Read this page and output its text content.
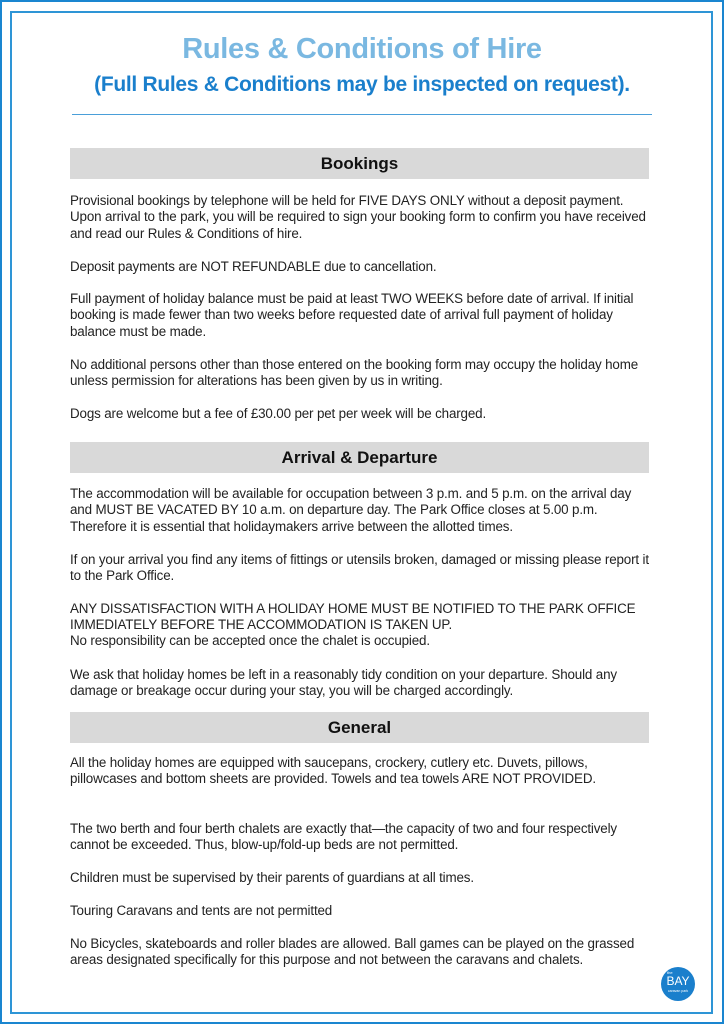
Rules & Conditions of Hire
(Full Rules & Conditions may be inspected on request).
Bookings
Provisional bookings by telephone will be held for FIVE DAYS ONLY without a deposit payment. Upon arrival to the park, you will be required to sign your booking form to confirm you have received and read our Rules & Conditions of hire.
Deposit payments are NOT REFUNDABLE due to cancellation.
Full payment of holiday balance must be paid at least TWO WEEKS before date of arrival. If initial booking is made fewer than two weeks before requested date of arrival full payment of holiday balance must be made.
No additional persons other than those entered on the booking form may occupy the holiday home unless permission for alterations has been given by us in writing.
Dogs are welcome but a fee of £30.00 per pet per week will be charged.
Arrival & Departure
The accommodation will be available for occupation between 3 p.m. and 5 p.m. on the arrival day and MUST BE VACATED BY 10 a.m. on departure day. The Park Office closes at 5.00 p.m. Therefore it is essential that holidaymakers arrive between the allotted times.
If on your arrival you find any items of fittings or utensils broken, damaged or missing please report it to the Park Office.
ANY DISSATISFACTION WITH A HOLIDAY HOME MUST BE NOTIFIED TO THE PARK OFFICE IMMEDIATELY BEFORE THE ACCOMMODATION IS TAKEN UP.
No responsibility can be accepted once the chalet is occupied.
We ask that holiday homes be left in a reasonably tidy condition on your departure. Should any damage or breakage occur during your stay, you will be charged accordingly.
General
All the holiday homes are equipped with saucepans, crockery, cutlery etc. Duvets, pillows, pillowcases and bottom sheets are provided. Towels and tea towels ARE NOT PROVIDED.
The two berth and four berth chalets are exactly that—the capacity of two and four respectively cannot be exceeded. Thus, blow-up/fold-up beds are not permitted.
Children must be supervised by their parents of guardians at all times.
Touring Caravans and tents are not permitted
No Bicycles, skateboards and roller blades are allowed. Ball games can be played on the grassed areas designated specifically for this purpose and not between the caravans and chalets.
the
BAY
caravan park
